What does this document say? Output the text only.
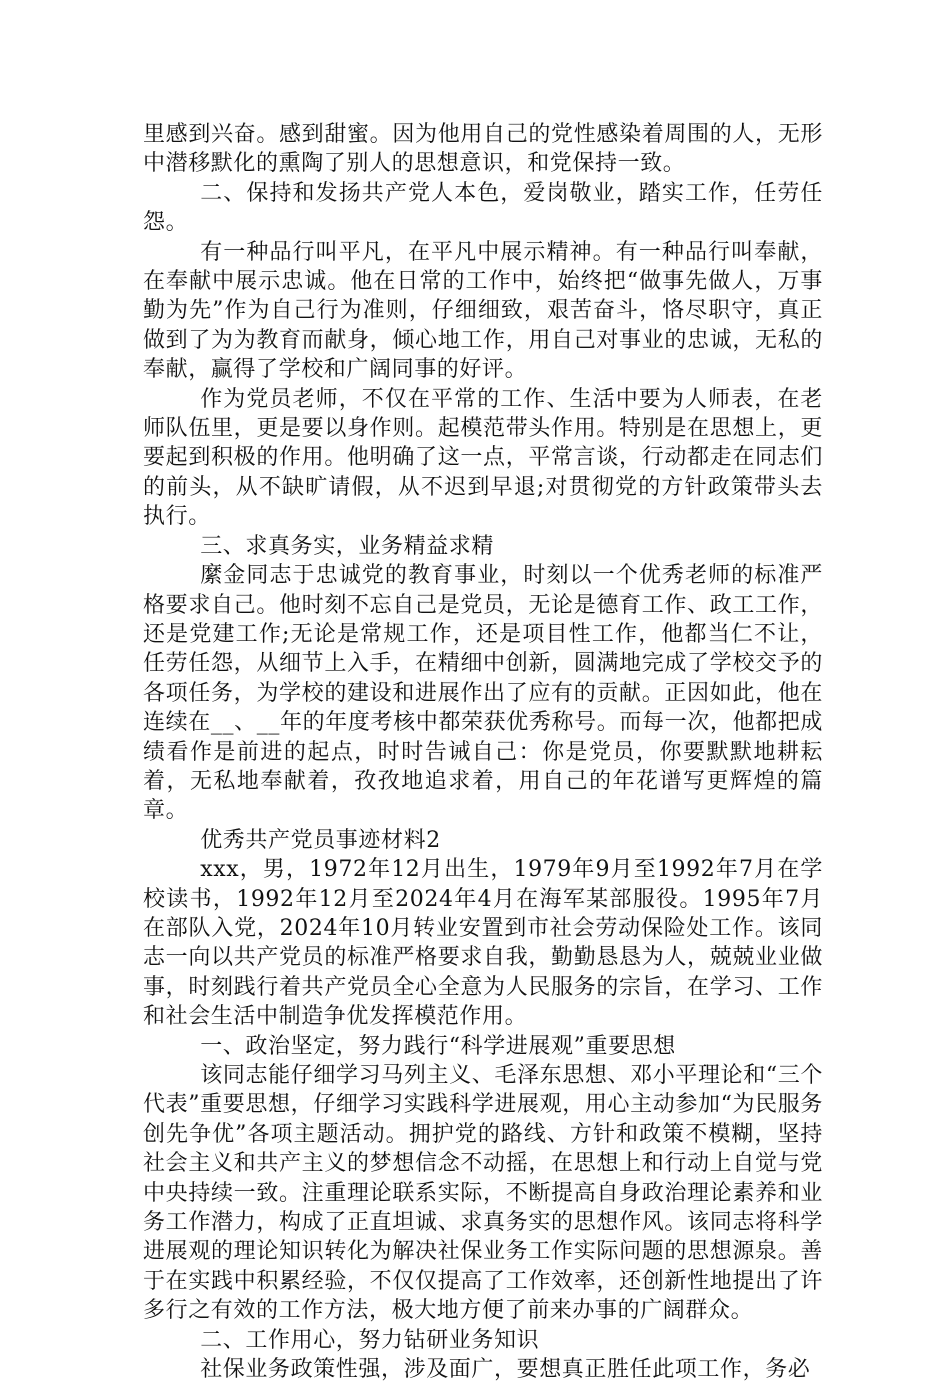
里感到兴奋。感到甜蜜。因为他用自己的党性感染着周围的人，无形中潜移默化的熏陶了别人的思想意识，和党保持一致。

二、保持和发扬共产党人本色，爱岗敬业，踏实工作，任劳任怨。

有一种品行叫平凡，在平凡中展示精神。有一种品行叫奉献，在奉献中展示忠诚。他在日常的工作中，始终把“做事先做人，万事勤为先”作为自己行为准则，仔细细致，艰苦奋斗，恪尽职守，真正做到了为为教育而献身，倾心地工作，用自己对事业的忠诚，无私的奉献，赢得了学校和广阔同事的好评。

作为党员老师，不仅在平常的工作、生活中要为人师表，在老师队伍里，更是要以身作则。起模范带头作用。特别是在思想上，更要起到积极的作用。他明确了这一点，平常言谈，行动都走在同志们的前头，从不缺旷请假，从不迟到早退;对贯彻党的方针政策带头去执行。

三、求真务实，业务精益求精

縻金同志于忠诚党的教育事业，时刻以一个优秀老师的标准严格要求自己。他时刻不忘自己是党员，无论是德育工作、政工工作，还是党建工作;无论是常规工作，还是项目性工作，他都当仁不让，任劳任怨，从细节上入手，在精细中创新，圆满地完成了学校交予的各项任务，为学校的建设和进展作出了应有的贡献。正因如此，他在连续在__、__年的年度考核中都荣获优秀称号。而每一次，他都把成绩看作是前进的起点，时时告诫自己：你是党员，你要默默地耕耘着，无私地奉献着，孜孜地追求着，用自己的年花谱写更辉煌的篇章。

优秀共产党员事迹材料2

xxx，男，1972年12月出生，1979年9月至1992年7月在学校读书，1992年12月至2024年4月在海军某部服役。1995年7月在部队入党，2024年10月转业安置到市社会劳动保险处工作。该同志一向以共产党员的标准严格要求自我，勤勤恳恳为人，兢兢业业做事，时刻践行着共产党员全心全意为人民服务的宗旨，在学习、工作和社会生活中制造争优发挥模范作用。

一、政治坚定，努力践行“科学进展观”重要思想

该同志能仔细学习马列主义、毛泽东思想、邓小平理论和“三个代表”重要思想，仔细学习实践科学进展观，用心主动参加“为民服务创先争优”各项主题活动。拥护党的路线、方针和政策不模糊，坚持社会主义和共产主义的梦想信念不动摇，在思想上和行动上自觉与党中央持续一致。注重理论联系实际，不断提高自身政治理论素养和业务工作潜力，构成了正直坦诚、求真务实的思想作风。该同志将科学进展观的理论知识转化为解决社保业务工作实际问题的思想源泉。善于在实践中积累经验，不仅仅提高了工作效率，还创新性地提出了许多行之有效的工作方法，极大地方便了前来办事的广阔群众。

二、工作用心，努力钻研业务知识

社保业务政策性强，涉及面广，要想真正胜任此项工作，务必
